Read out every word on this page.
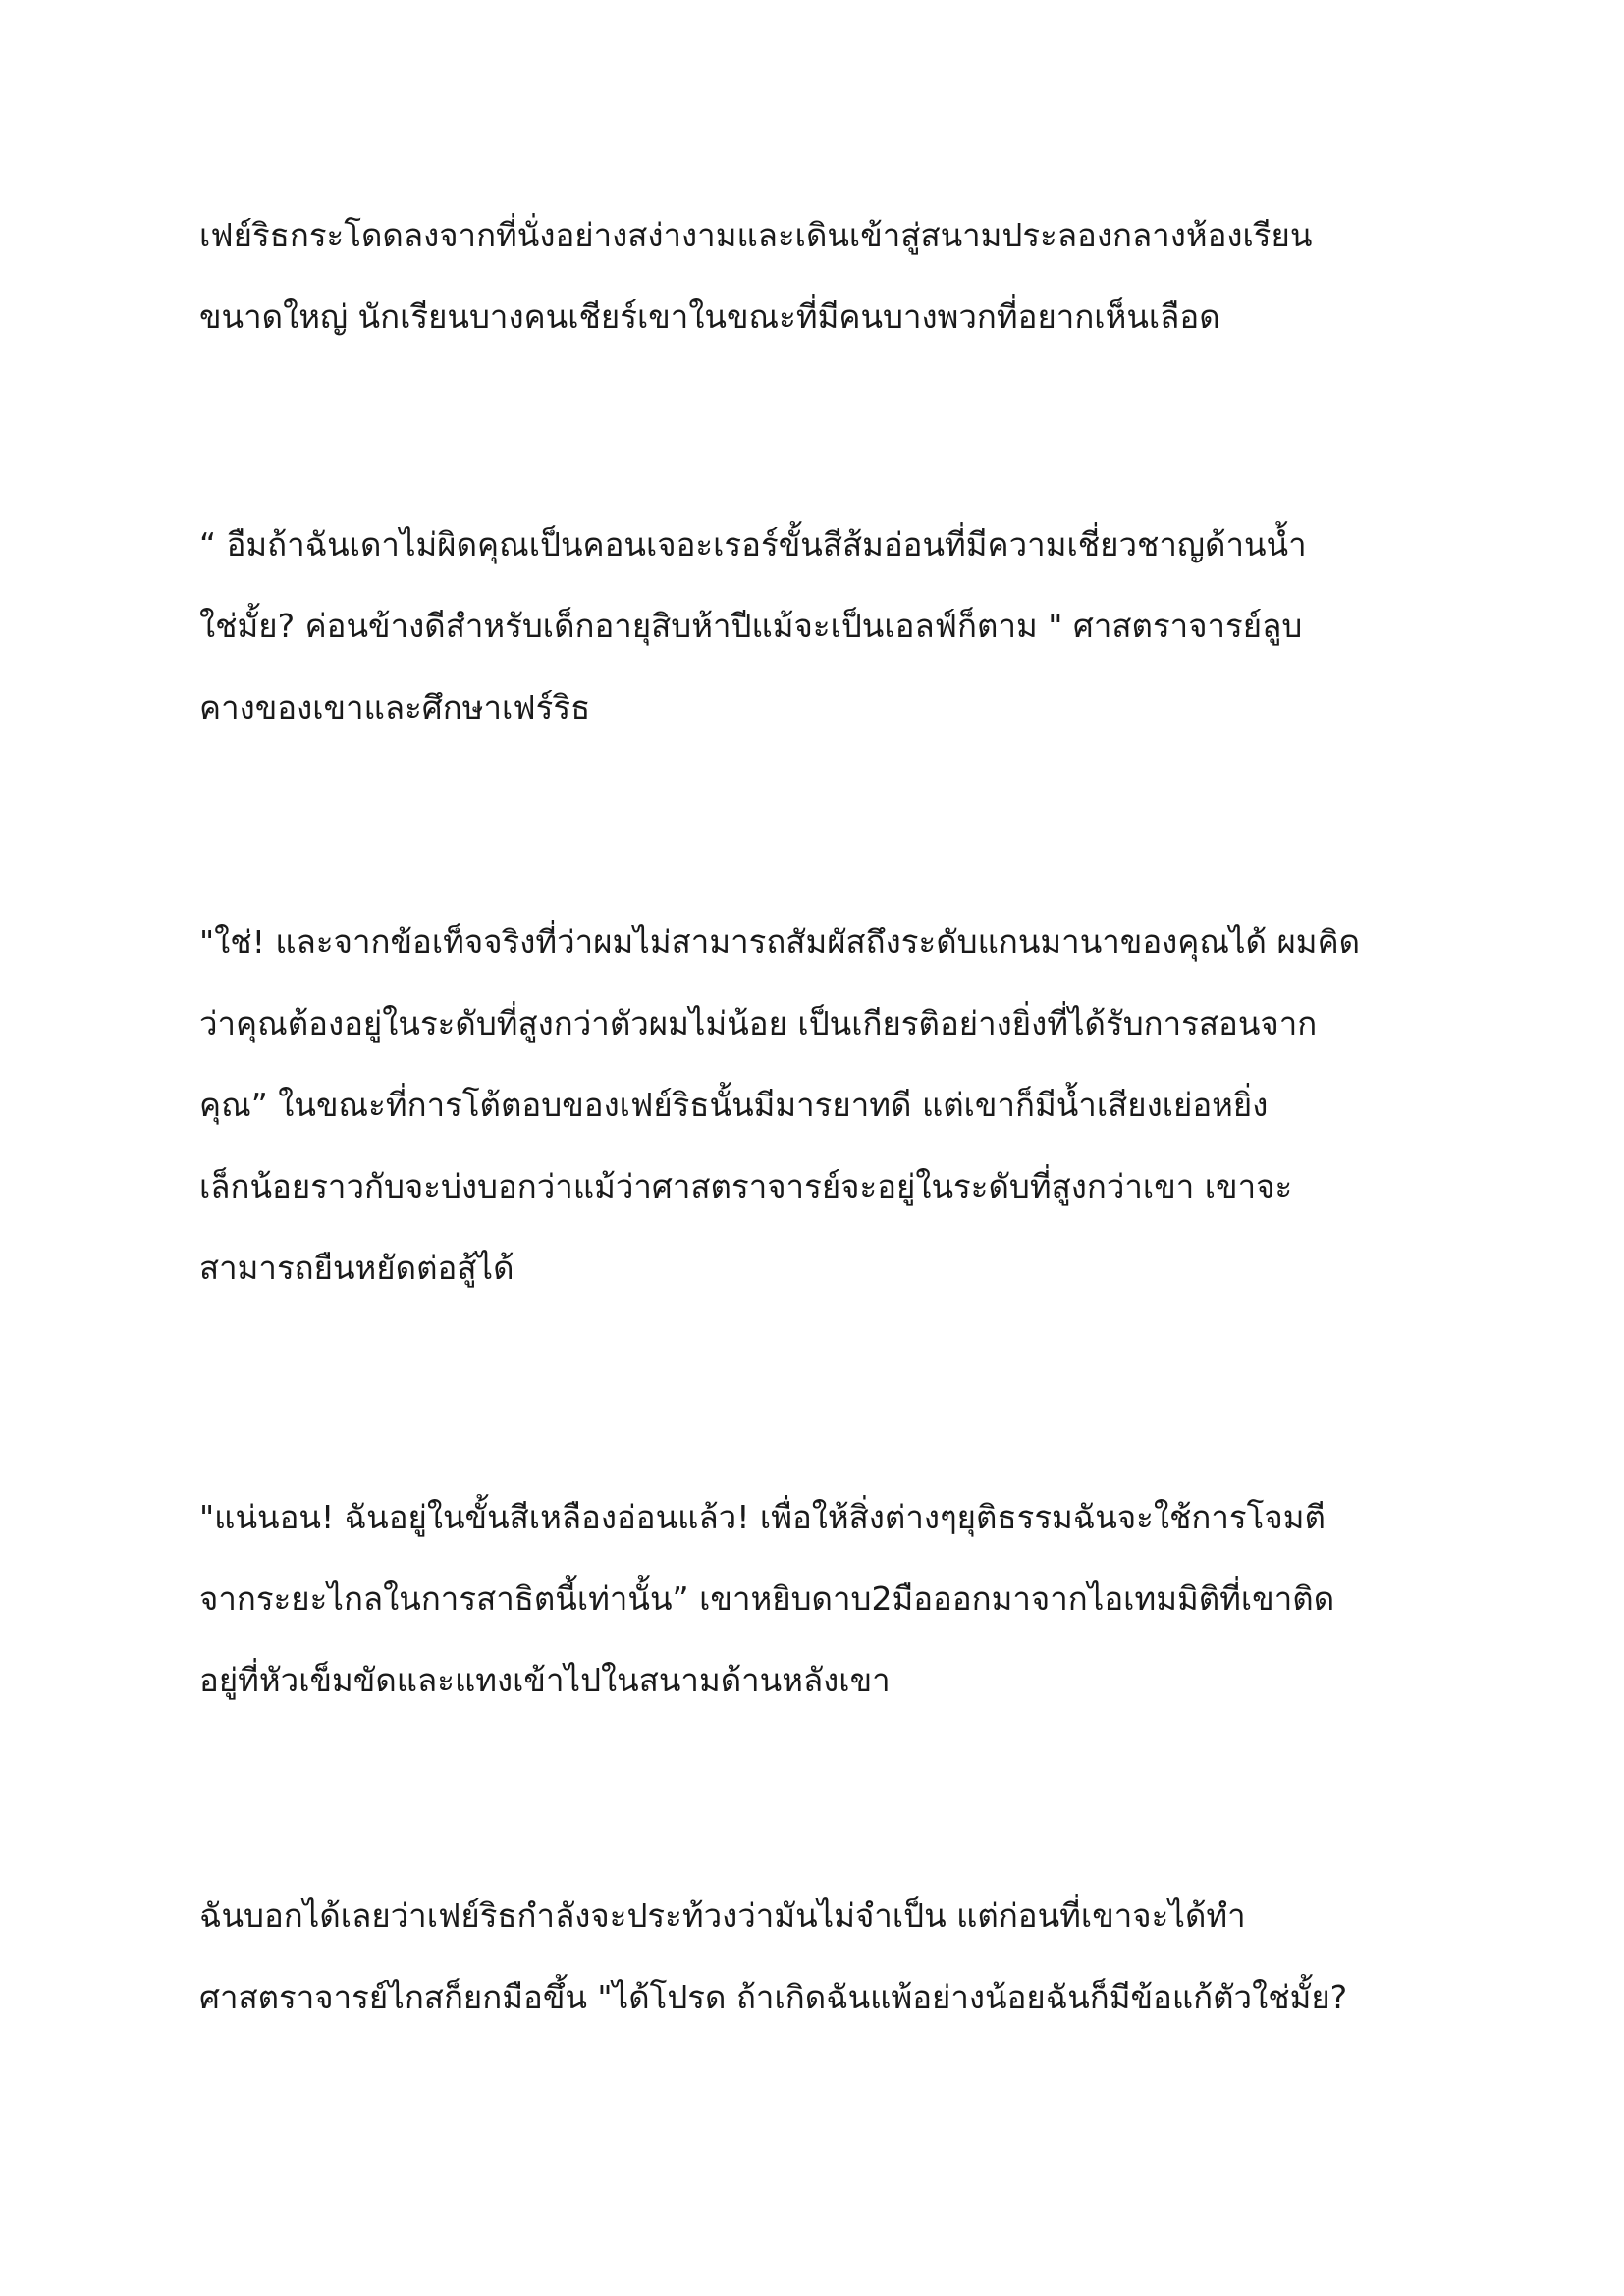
เฟย์ริธกระโดดลงจากที่นั่งอย่างสง่างามและเดินเข้าสู่สนามประลองกลางห้องเรียน
ขนาดใหญ่ นักเรียนบางคนเชียร์เขาในขณะที่มีคนบางพวกที่อยากเห็นเลือด

“ อืมถ้าฉันเดาไม่ผิดคุณเป็นคอนเจอะเรอร์ขั้นสีส้มอ่อนที่มีความเชี่ยวชาญด้านน้ำ
ใช่มั้ย? ค่อนข้างดีสำหรับเด็กอายุสิบห้าปีแม้จะเป็นเอลฟ์ก็ตาม " ศาสตราจารย์ลูบ
คางของเขาและศึกษาเฟร์ริธ

"ใช่! และจากข้อเท็จจริงที่ว่าผมไม่สามารถสัมผัสถึงระดับแกนมานาของคุณได้ ผมคิด
ว่าคุณต้องอยู่ในระดับที่สูงกว่าตัวผมไม่น้อย เป็นเกียรติอย่างยิ่งที่ได้รับการสอนจาก
คุณ” ในขณะที่การโต้ตอบของเฟย์ริธนั้นมีมารยาทดี แต่เขาก็มีน้ำเสียงเย่อหยิ่ง
เล็กน้อยราวกับจะบ่งบอกว่าแม้ว่าศาสตราจารย์จะอยู่ในระดับที่สูงกว่าเขา เขาจะ
สามารถยืนหยัดต่อสู้ได้

"แน่นอน! ฉันอยู่ในขั้นสีเหลืองอ่อนแล้ว! เพื่อให้สิ่งต่างๆยุติธรรมฉันจะใช้การโจมตี
จากระยะไกลในการสาธิตนี้เท่านั้น” เขาหยิบดาบ2มือออกมาจากไอเทมมิติที่เขาติด
อยู่ที่หัวเข็มขัดและแทงเข้าไปในสนามด้านหลังเขา

ฉันบอกได้เลยว่าเฟย์ริธกำลังจะประท้วงว่ามันไม่จำเป็น แต่ก่อนที่เขาจะได้ทำ
ศาสตราจารย์ไกสก็ยกมือขึ้น "ได้โปรด ถ้าเกิดฉันแพ้อย่างน้อยฉันก็มีข้อแก้ตัวใช่มั้ย?
